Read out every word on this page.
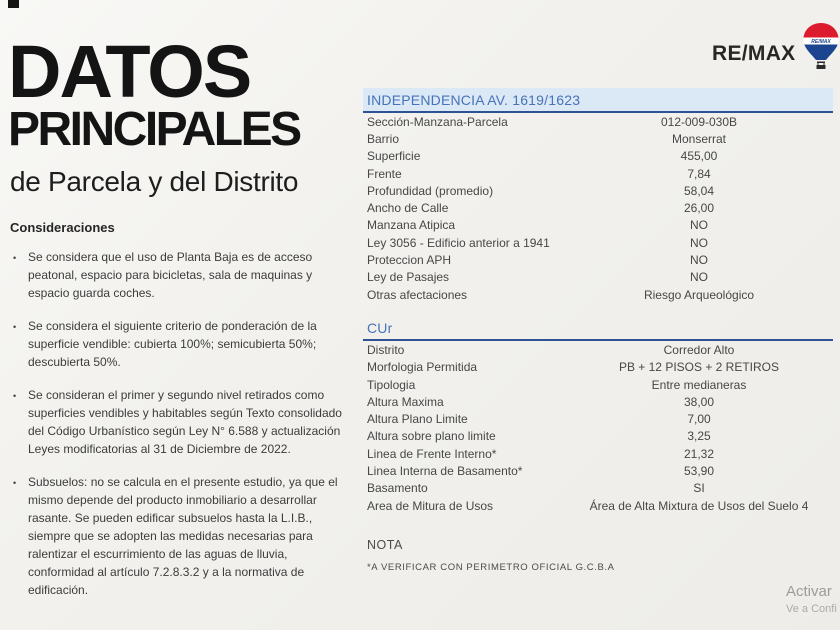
DATOS
PRINCIPALES
de Parcela y del Distrito
Consideraciones
• Se considera que el uso de Planta Baja es de acceso peatonal, espacio para bicicletas, sala de maquinas y espacio guarda coches.
• Se considera el siguiente criterio de ponderación de la superficie vendible: cubierta 100%; semicubierta 50%; descubierta 50%.
• Se consideran el primer y segundo nivel retirados como superficies vendibles y habitables según Texto consolidado del Código Urbanístico según Ley N° 6.588 y actualización Leyes modificatorias al 31 de Diciembre de 2022.
• Subsuelos: no se calcula en el presente estudio, ya que el mismo depende del producto inmobiliario a desarrollar rasante. Se pueden edificar subsuelos hasta la L.I.B., siempre que se adopten las medidas necesarias para ralentizar el escurrimiento de las aguas de lluvia, conformidad al artículo 7.2.8.3.2 y a la normativa de edificación.
INDEPENDENCIA AV. 1619/1623
Sección-Manzana-Parcela	012-009-030B
Barrio	Monserrat
Superficie	455,00
Frente	7,84
Profundidad (promedio)	58,04
Ancho de Calle	26,00
Manzana Atipica	NO
Ley 3056 - Edificio anterior a 1941	NO
Proteccion APH	NO
Ley de Pasajes	NO
Otras afectaciones	Riesgo Arqueológico
CUr
Distrito	Corredor Alto
Morfologia Permitida	PB + 12 PISOS + 2 RETIROS
Tipologia	Entre medianeras
Altura Maxima	38,00
Altura Plano Limite	7,00
Altura sobre plano limite	3,25
Linea de Frente Interno*	21,32
Linea Interna de Basamento*	53,90
Basamento	SI
Area de Mitura de Usos	Área de Alta Mixtura de Usos del Suelo 4
NOTA
*A VERIFICAR CON PERIMETRO OFICIAL G.C.B.A
RE/MAX	RE/MAX
Activar
Ve a Confi
